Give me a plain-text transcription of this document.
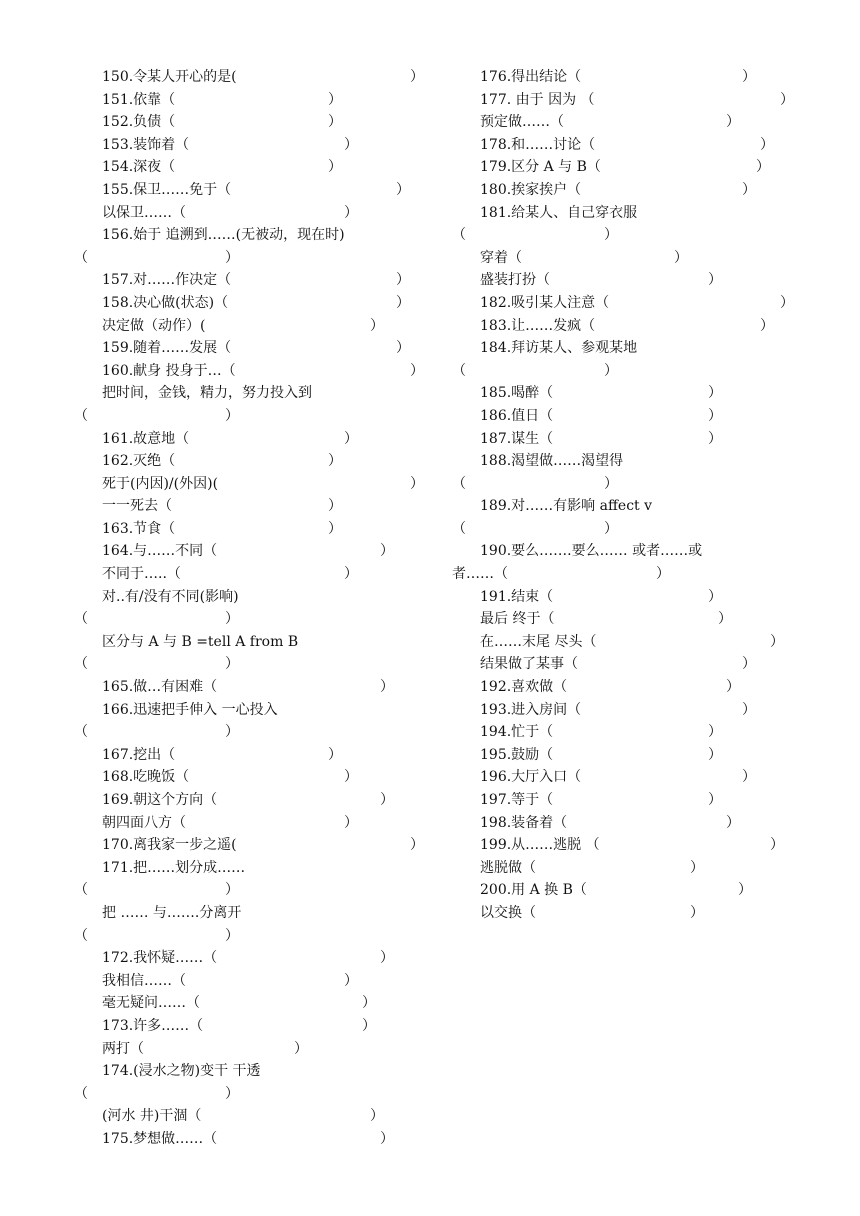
150.令某人开心的是(	）
151.依靠（	）
152.负债（	）
153.装饰着（	）
154.深夜（	）
155.保卫……免于（	）
以保卫……（	）
156.始于 追溯到……(无被动，现在时)
（	）
157.对……作决定（	）
158.决心做(状态)（	）
决定做（动作）(	）
159.随着……发展（	）
160.献身 投身于…（	）
把时间，金钱，精力，努力投入到
（	）
161.故意地（	）
162.灭绝（	）
死于(内因)/(外因)(	）
一一死去（	）
163.节食（	）
164.与……不同（	）
不同于…..（	）
对..有/没有不同(影响)
（	）
区分与 A 与 B =tell A from B
（	）
165.做…有困难（	）
166.迅速把手伸入 一心投入
（	）
167.挖出（	）
168.吃晚饭（	）
169.朝这个方向（	）
朝四面八方（	）
170.离我家一步之遥(	）
171.把……划分成……
（	）
把 …… 与…….分离开
（	）
172.我怀疑……（	）
我相信……（	）
毫无疑问……（	）
173.许多……（	）
两打（	）
174.(浸水之物)变干 干透
（	）
(河水 井)干涸（	）
175.梦想做……（	）
176.得出结论（	）
177. 由于 因为 （	）
预定做……（	）
178.和……讨论（	）
179.区分 A 与 B（	）
180.挨家挨户（	）
181.给某人、自己穿衣服
（	）
穿着（	）
盛装打扮（	）
182.吸引某人注意（	）
183.让……发疯（	）
184.拜访某人、参观某地
（	）
185.喝醉（	）
186.值日（	）
187.谋生（	）
188.渴望做……渴望得
（	）
189.对……有影响 affect v
（	）
190.要么…….要么…… 或者……或
者……（	）
191.结束（	）
最后 终于（	）
在……末尾 尽头（	）
结果做了某事（	）
192.喜欢做（	）
193.进入房间（	）
194.忙于（	）
195.鼓励（	）
196.大厅入口（	）
197.等于（	）
198.装备着（	）
199.从……逃脱 （	）
逃脱做（	）
200.用 A 换 B（	）
以交换（	）
